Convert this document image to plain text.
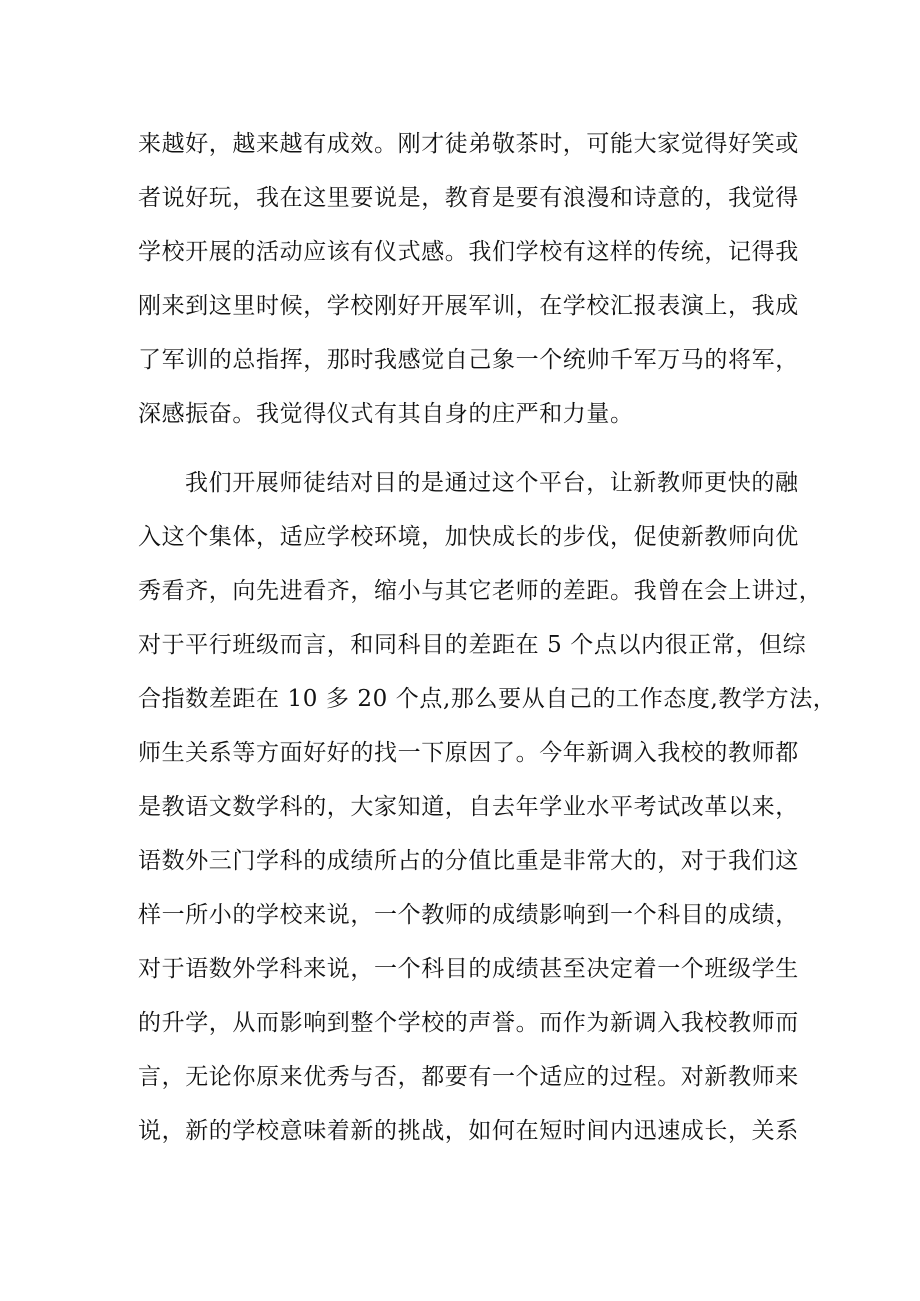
来越好，越来越有成效。刚才徒弟敬茶时，可能大家觉得好笑或
者说好玩，我在这里要说是，教育是要有浪漫和诗意的，我觉得
学校开展的活动应该有仪式感。我们学校有这样的传统，记得我
刚来到这里时候，学校刚好开展军训，在学校汇报表演上，我成
了军训的总指挥，那时我感觉自己象一个统帅千军万马的将军，
深感振奋。我觉得仪式有其自身的庄严和力量。
我们开展师徒结对目的是通过这个平台，让新教师更快的融
入这个集体，适应学校环境，加快成长的步伐，促使新教师向优
秀看齐，向先进看齐，缩小与其它老师的差距。我曾在会上讲过，
对于平行班级而言，和同科目的差距在 5 个点以内很正常，但综
合指数差距在 10 多 20 个点,那么要从自己的工作态度,教学方法，
师生关系等方面好好的找一下原因了。今年新调入我校的教师都
是教语文数学科的，大家知道，自去年学业水平考试改革以来，
语数外三门学科的成绩所占的分值比重是非常大的，对于我们这
样一所小的学校来说，一个教师的成绩影响到一个科目的成绩，
对于语数外学科来说，一个科目的成绩甚至决定着一个班级学生
的升学，从而影响到整个学校的声誉。而作为新调入我校教师而
言，无论你原来优秀与否，都要有一个适应的过程。对新教师来
说，新的学校意味着新的挑战，如何在短时间内迅速成长，关系
